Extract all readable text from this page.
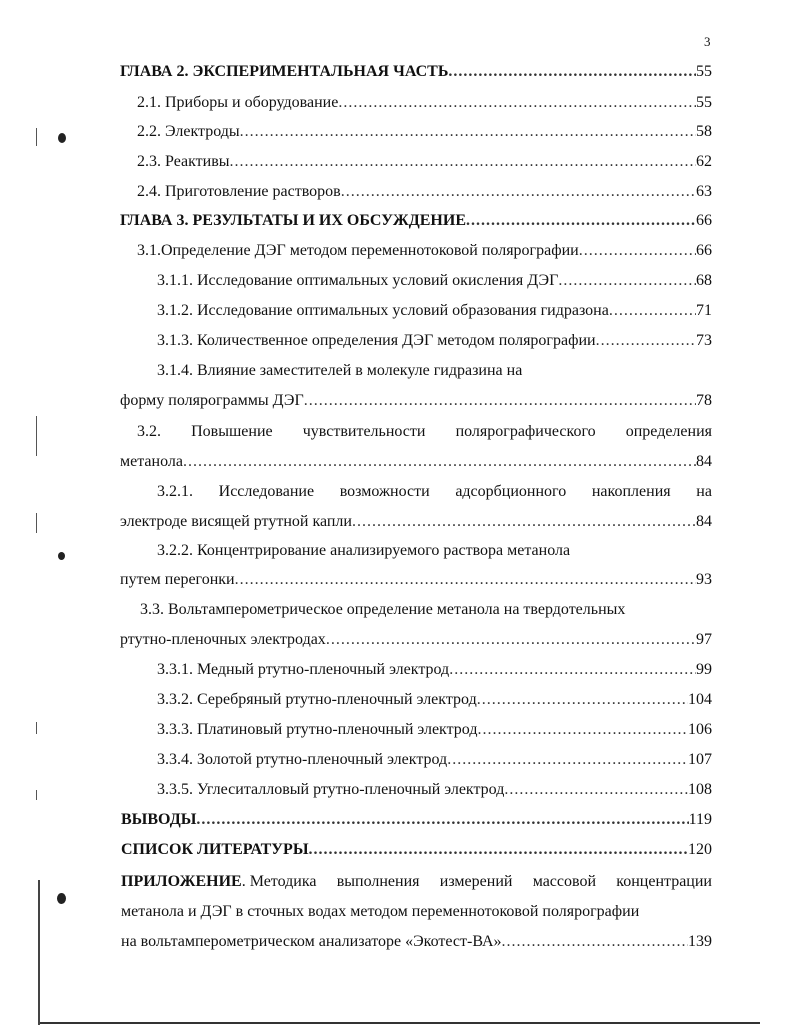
3
ГЛАВА 2. ЭКСПЕРИМЕНТАЛЬНАЯ ЧАСТЬ .....	55
2.1. Приборы и оборудование .....	55
2.2. Электроды .....	58
2.3. Реактивы .....	62
2.4. Приготовление растворов .....	63
ГЛАВА 3. РЕЗУЛЬТАТЫ И ИХ ОБСУЖДЕНИЕ .....	66
3.1.Определение ДЭГ методом переменнотоковой полярографии .....	66
3.1.1. Исследование оптимальных условий окисления ДЭГ .....	68
3.1.2. Исследование оптимальных условий образования гидразона .....	71
3.1.3. Количественное определения ДЭГ методом полярографии .....	73
3.1.4. Влияние заместителей в молекуле гидразина на
форму полярограммы ДЭГ .....	78
3.2. Повышение чувствительности полярографического определения
метанола .....	84
3.2.1. Исследование возможности адсорбционного накопления на
электроде висящей ртутной капли .....	84
3.2.2. Концентрирование анализируемого раствора метанола
путем перегонки .....	93
3.3. Вольтамперометрическое определение метанола на твердотельных
ртутно-пленочных электродах .....	97
3.3.1. Медный ртутно-пленочный электрод .....	99
3.3.2. Серебряный ртутно-пленочный электрод .....	104
3.3.3. Платиновый ртутно-пленочный электрод .....	106
3.3.4. Золотой ртутно-пленочный электрод .....	107
3.3.5. Углеситалловый ртутно-пленочный электрод .....	108
ВЫВОДЫ .....	119
СПИСОК ЛИТЕРАТУРЫ .....	120
ПРИЛОЖЕНИЕ . Методика выполнения измерений массовой концентрации
метанола и ДЭГ в сточных водах методом переменнотоковой полярографии
на вольтамперометрическом анализаторе «Экотест-ВА» .....	139
